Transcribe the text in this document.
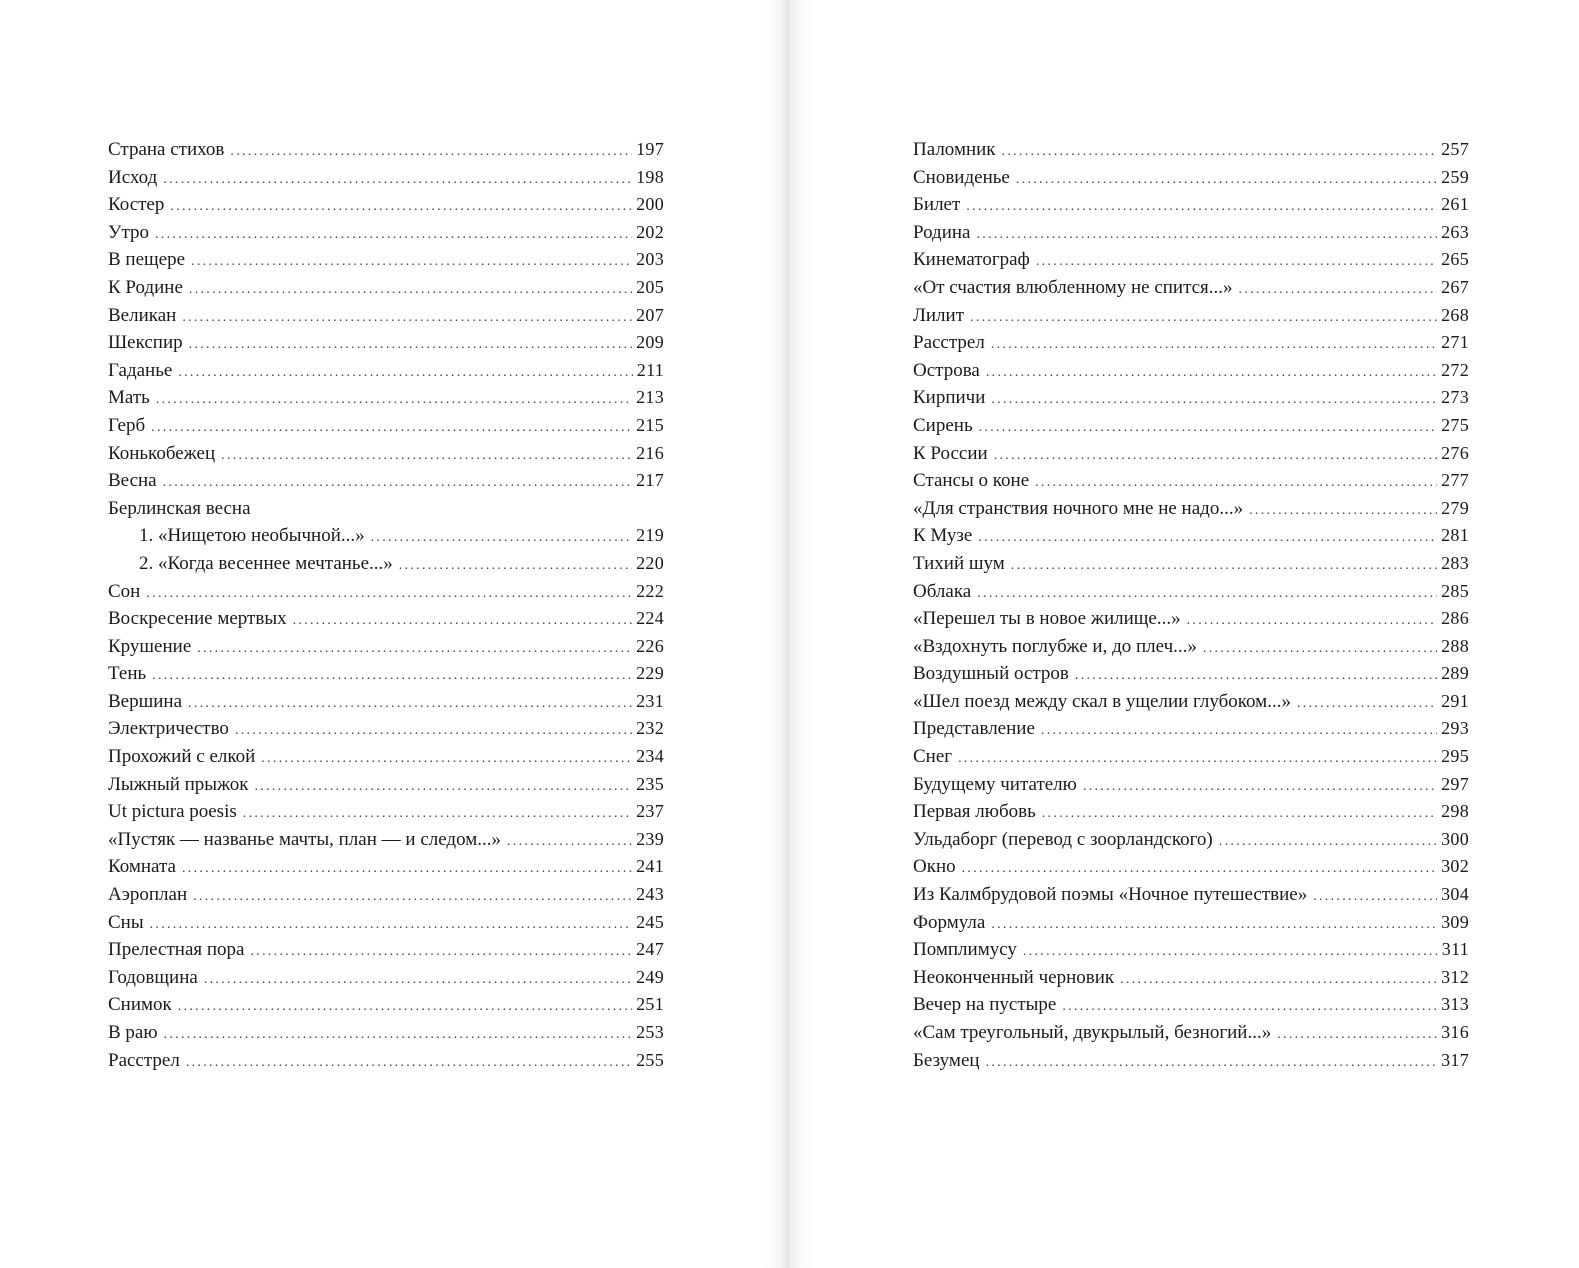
Страна стихов . . .	197
Исход . . .	198
Костер . . .	200
Утро . . .	202
В пещере . . .	203
К Родине . . .	205
Великан . . .	207
Шекспир . . .	209
Гаданье . . .	211
Мать . . .	213
Герб . . .	215
Конькобежец . . .	216
Весна . . .	217
Берлинская весна
1. «Нищетою необычной...» . . .	219
2. «Когда весеннее мечтанье...» . . .	220
Сон . . .	222
Воскресение мертвых . . .	224
Крушение . . .	226
Тень . . .	229
Вершина . . .	231
Электричество . . .	232
Прохожий с елкой . . .	234
Лыжный прыжок . . .	235
Ut pictura poesis . . .	237
«Пустяк — названье мачты, план — и следом...» . . .	239
Комната . . .	241
Аэроплан . . .	243
Сны . . .	245
Прелестная пора . . .	247
Годовщина . . .	249
Снимок . . .	251
В раю . . .	253
Расстрел . . .	255
Паломник . . .	257
Сновиденье . . .	259
Билет . . .	261
Родина . . .	263
Кинематограф . . .	265
«От счастия влюбленному не спится...» . . .	267
Лилит . . .	268
Расстрел . . .	271
Острова . . .	272
Кирпичи . . .	273
Сирень . . .	275
К России . . .	276
Стансы о коне . . .	277
«Для странствия ночного мне не надо...» . . .	279
К Музе . . .	281
Тихий шум . . .	283
Облака . . .	285
«Перешел ты в новое жилище...» . . .	286
«Вздохнуть поглубже и, до плеч...» . . .	288
Воздушный остров . . .	289
«Шел поезд между скал в ущелии глубоком...» . . .	291
Представление . . .	293
Снег . . .	295
Будущему читателю . . .	297
Первая любовь . . .	298
Ульдаборг (перевод с зоорландского) . . .	300
Окно . . .	302
Из Калмбрудовой поэмы «Ночное путешествие» . . .	304
Формула . . .	309
Помплимусу . . .	311
Неоконченный черновик . . .	312
Вечер на пустыре . . .	313
«Сам треугольный, двукрылый, безногий...» . . .	316
Безумец . . .	317
